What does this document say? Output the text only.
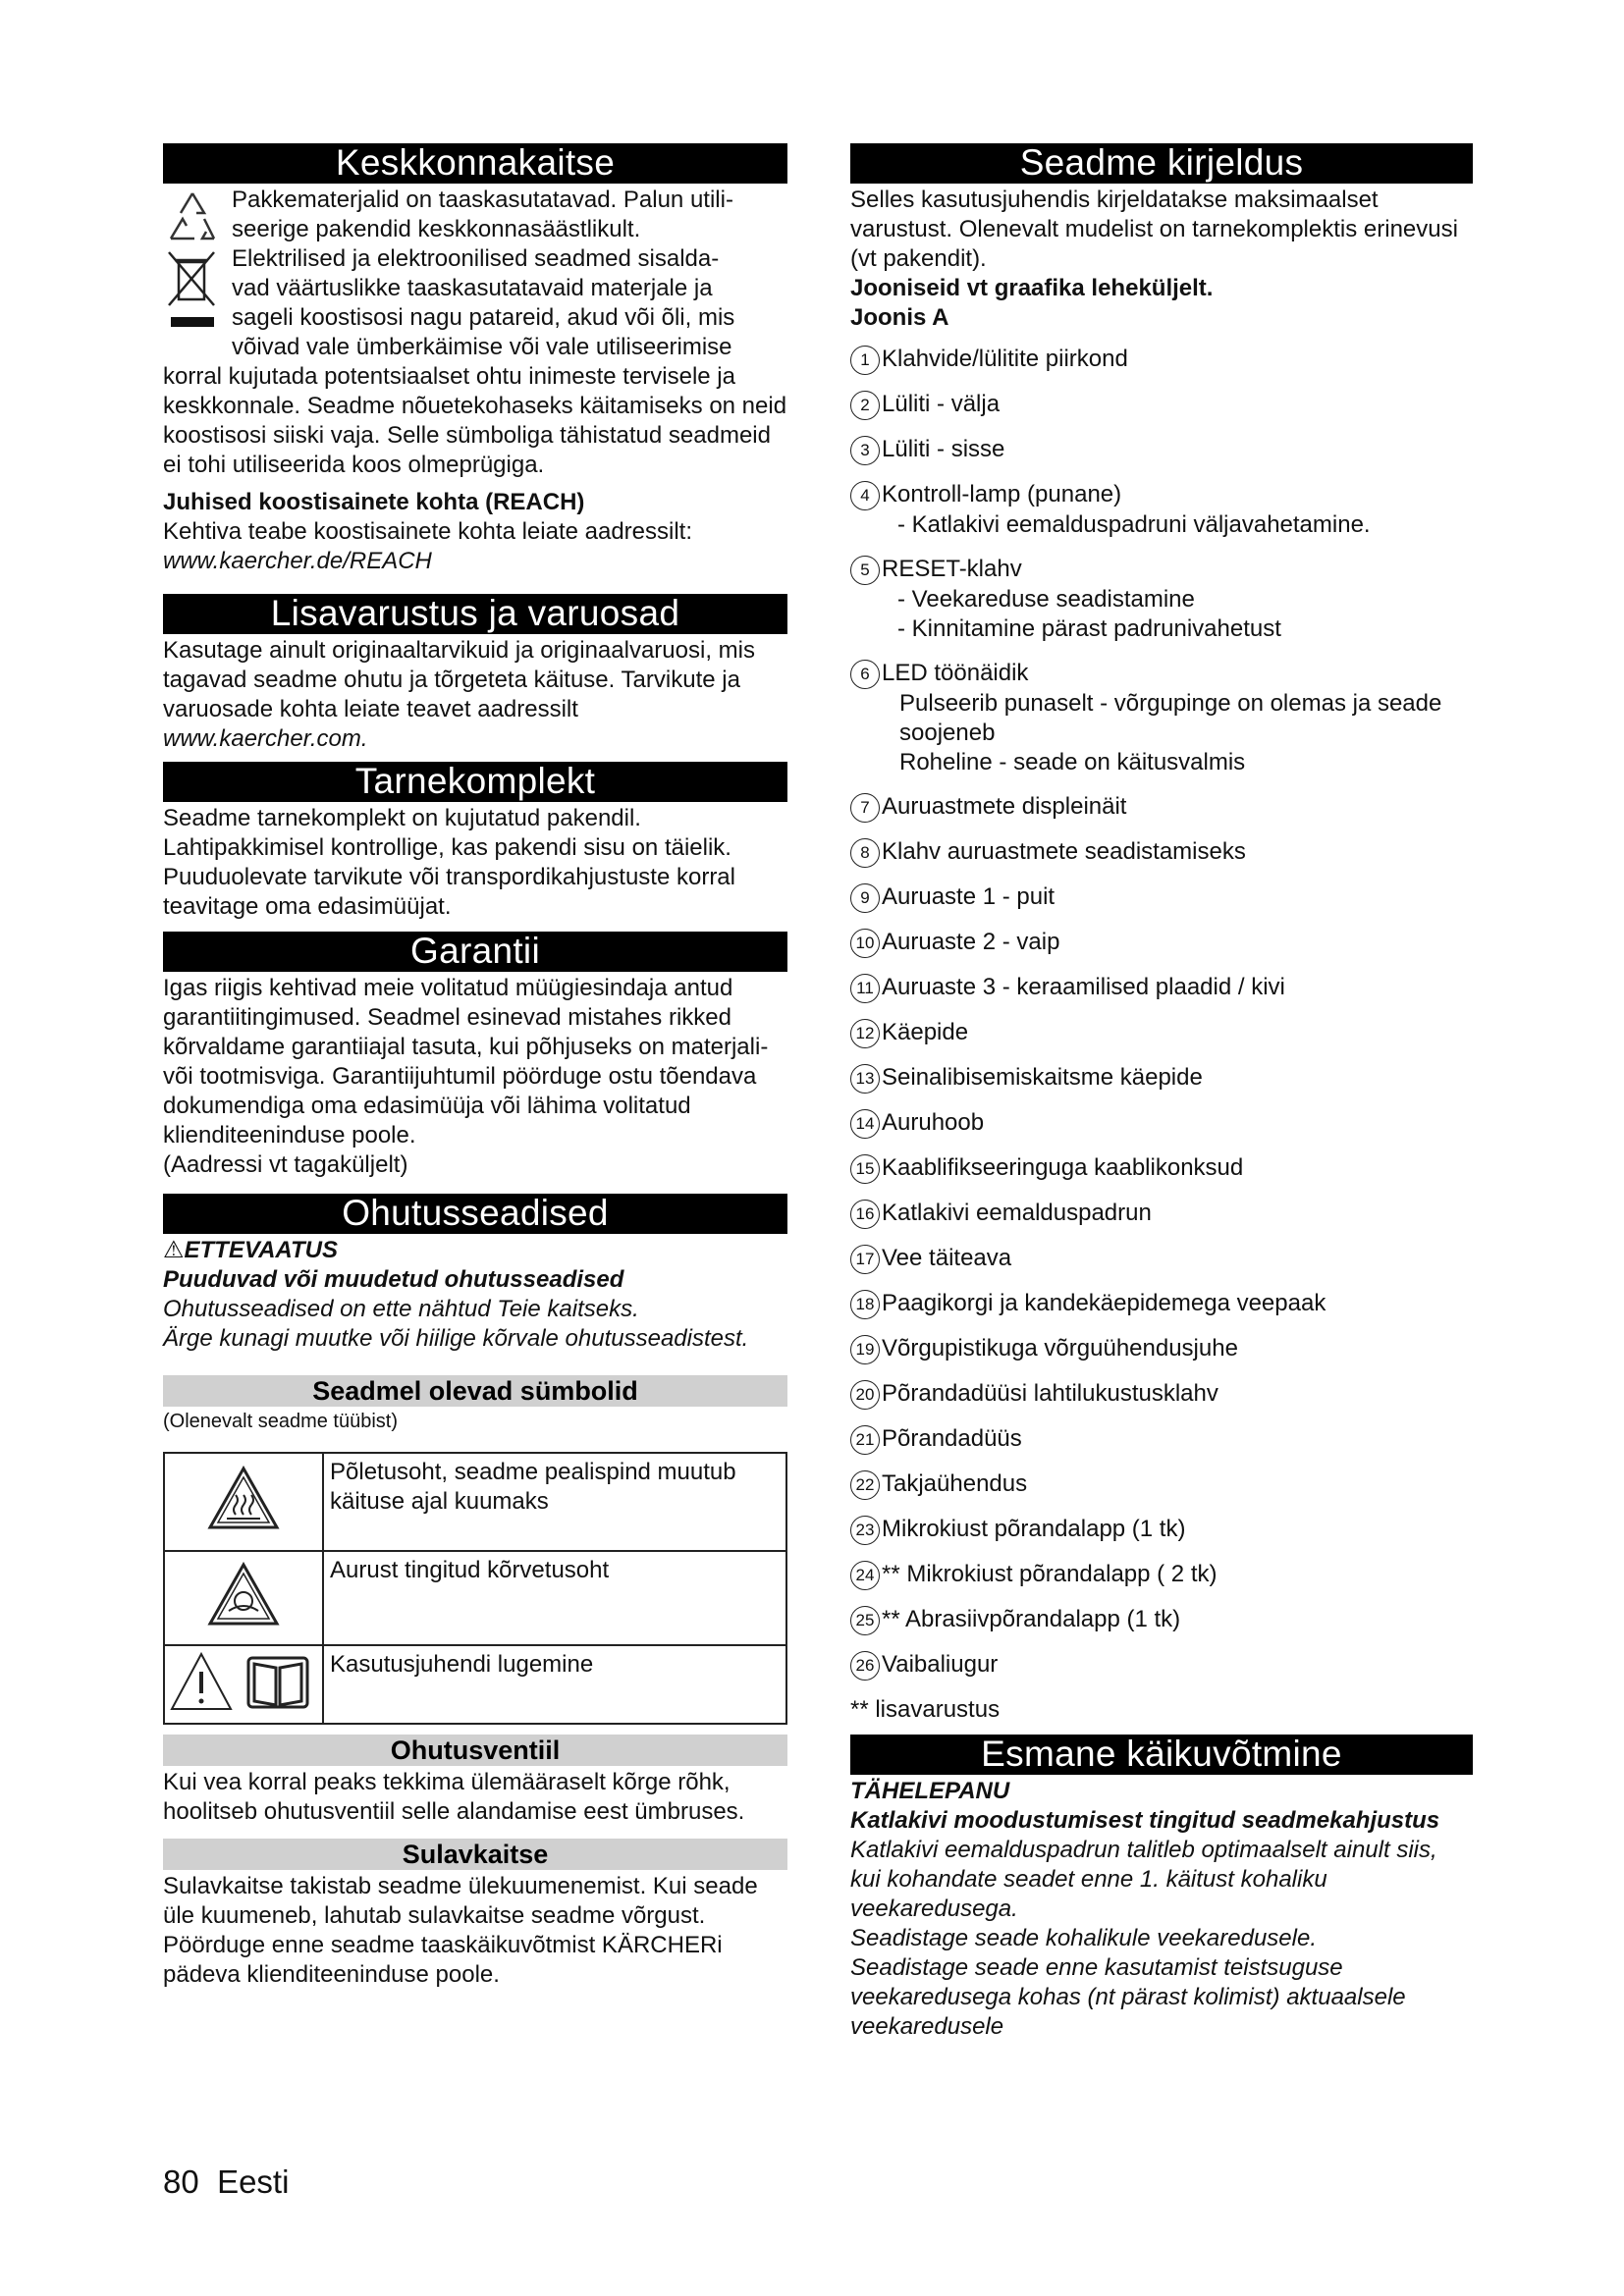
Keskkonnakaitse

Pakkematerjalid on taaskasutatavad. Palun utili-

seerige pakendid keskkonnasäästlikult.

Elektrilised ja elektroonilised seadmed sisalda-

vad väärtuslikke taaskasutatavaid materjale ja

sageli koostisosi nagu patareid, akud või õli, mis

võivad vale ümberkäimise või vale utiliseerimise

korral kujutada potentsiaalset ohtu inimeste tervisele ja keskkonnale. Seadme nõuetekohaseks käitamiseks on neid koostisosi siiski vaja. Selle sümboliga tähistatud seadmeid ei tohi utiliseerida koos olmeprügiga.

Juhised koostisainete kohta (REACH)

Kehtiva teabe koostisainete kohta leiate aadressilt:

www.kaercher.de/REACH

Lisavarustus ja varuosad

Kasutage ainult originaaltarvikuid ja originaalvaruosi, mis tagavad seadme ohutu ja tõrgeteta käituse. Tarvikute ja varuosade kohta leiate teavet aadressilt

www.kaercher.com.

Tarnekomplekt

Seadme tarnekomplekt on kujutatud pakendil. Lahtipakkimisel kontrollige, kas pakendi sisu on täielik. Puuduolevate tarvikute või transpordikahjustuste korral teavitage oma edasimüüjat.

Garantii

Igas riigis kehtivad meie volitatud müügiesindaja antud garantiitingimused. Seadmel esinevad mistahes rikked kõrvaldame garantiiajal tasuta, kui põhjuseks on materjali- või tootmisviga. Garantiijuhtumil pöörduge ostu tõendava dokumendiga oma edasimüüja või lähima volitatud klienditeeninduse poole.

(Aadressi vt tagaküljelt)

Ohutusseadised

⚠ETTEVAATUS

Puuduvad või muudetud ohutusseadised

Ohutusseadised on ette nähtud Teie kaitseks.

Ärge kunagi muutke või hiilige kõrvale ohutusseadistest.

Seadmel olevad sümbolid

(Olenevalt seadme tüübist)

	Põletusoht, seadme pealispind muutub käituse ajal kuumaks
	Aurust tingitud kõrvetusoht
	Kasutusjuhendi lugemine
Ohutusventiil

Kui vea korral peaks tekkima ülemääraselt kõrge rõhk, hoolitseb ohutusventiil selle alandamise eest ümbruses.

Sulavkaitse

Sulavkaitse takistab seadme ülekuumenemist. Kui seade üle kuumeneb, lahutab sulavkaitse seadme võrgust. Pöörduge enne seadme taaskäikuvõtmist KÄRCHERi pädeva klienditeeninduse poole.

Seadme kirjeldus

Selles kasutusjuhendis kirjeldatakse maksimaalset varustust. Olenevalt mudelist on tarnekomplektis erinevusi (vt pakendit).

Jooniseid vt graafika leheküljelt.

Joonis A

1 Klahvide/lülitite piirkond
2 Lüliti - välja
3 Lüliti - sisse
4 Kontroll-lamp (punane)

- Katlakivi eemalduspadruni väljavahetamine.

5 RESET-klahv

- Veekareduse seadistamine

- Kinnitamine pärast padrunivahetust

6 LED töönäidik

Pulseerib punaselt - võrgupinge on olemas ja seade soojeneb

Roheline - seade on käitusvalmis

7 Auruastmete displeinäit
8 Klahv auruastmete seadistamiseks
9 Auruaste 1 - puit
10 Auruaste 2 - vaip
11 Auruaste 3 - keraamilised plaadid / kivi
12 Käepide
13 Seinalibisemiskaitsme käepide
14 Auruhoob
15 Kaablifikseeringuga kaablikonksud
16 Katlakivi eemalduspadrun
17 Vee täiteava
18 Paagikorgi ja kandekäepidemega veepaak
19 Võrgupistikuga võrguühendusjuhe
20 Põrandadüüsi lahtilukustusklahv
21 Põrandadüüs
22 Takjaühendus
23 Mikrokiust põrandalapp (1 tk)
24 ** Mikrokiust põrandalapp ( 2 tk)
25 ** Abrasiivpõrandalapp (1 tk)
26 Vaibaliugur

** lisavarustus

Esmane käikuvõtmine

TÄHELEPANU

Katlakivi moodustumisest tingitud seadmekahjustus

Katlakivi eemalduspadrun talitleb optimaalselt ainult siis, kui kohandate seadet enne 1. käitust kohaliku veekaredusega.

Seadistage seade kohalikule veekaredusele.

Seadistage seade enne kasutamist teistsuguse veekaredusega kohas (nt pärast kolimist) aktuaalsele veekaredusele

80 Eesti
